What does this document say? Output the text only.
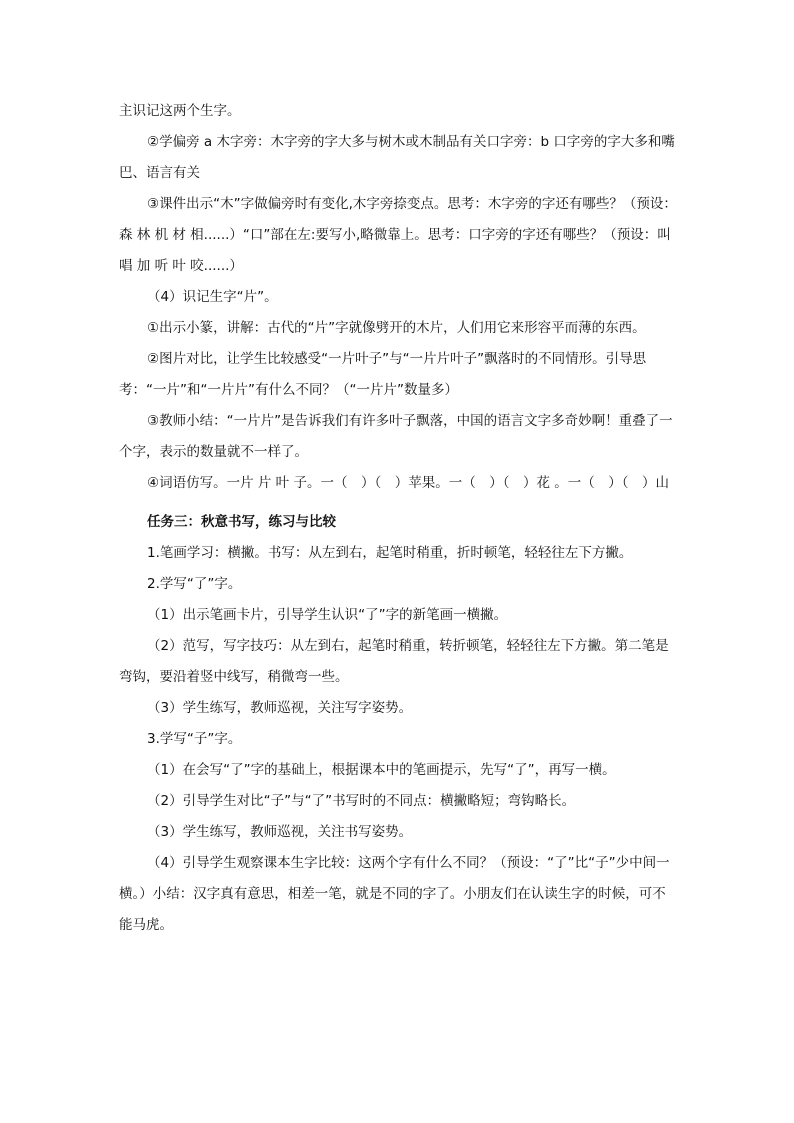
主识记这两个生字。

②学偏旁 a 木字旁：木字旁的字大多与树木或木制品有关口字旁：b 口字旁的字大多和嘴巴、语言有关

③课件出示“木”字做偏旁时有变化,木字旁捺变点。思考：木字旁的字还有哪些？（预设：森 林 机 材 相......）“口”部在左:要写小,略微靠上。思考：口字旁的字还有哪些？（预设：叫 唱 加 听 叶 咬......）

（4）识记生字“片”。

①出示小篆，讲解：古代的“片”字就像劈开的木片，人们用它来形容平而薄的东西。

②图片对比，让学生比较感受“一片叶子”与“一片片叶子”飘落时的不同情形。引导思考：“一片”和“一片片”有什么不同？（“一片片”数量多）

③教师小结：“一片片”是告诉我们有许多叶子飘落，中国的语言文字多奇妙啊！重叠了一个字，表示的数量就不一样了。

④词语仿写。一片 片 叶 子。一（　）（　）苹果。一（　）（　）花 。一（　）（　）山

任务三：秋意书写，练习与比较

1.笔画学习：横撇。书写：从左到右，起笔时稍重，折时顿笔，轻轻往左下方撇。

2.学写“了”字。

（1）出示笔画卡片，引导学生认识“了”字的新笔画一横撇。

（2）范写，写字技巧：从左到右，起笔时稍重，转折顿笔，轻轻往左下方撇。第二笔是弯钩，要沿着竖中线写，稍微弯一些。

（3）学生练写，教师巡视，关注写字姿势。

3.学写“子”字。

（1）在会写“了”字的基础上，根据课本中的笔画提示，先写“了”，再写一横。

（2）引导学生对比“子”与“了”书写时的不同点：横撇略短；弯钩略长。

（3）学生练写，教师巡视，关注书写姿势。

（4）引导学生观察课本生字比较：这两个字有什么不同？（预设：“了”比“子”少中间一横。）小结：汉字真有意思，相差一笔，就是不同的字了。小朋友们在认读生字的时候，可不能马虎。
